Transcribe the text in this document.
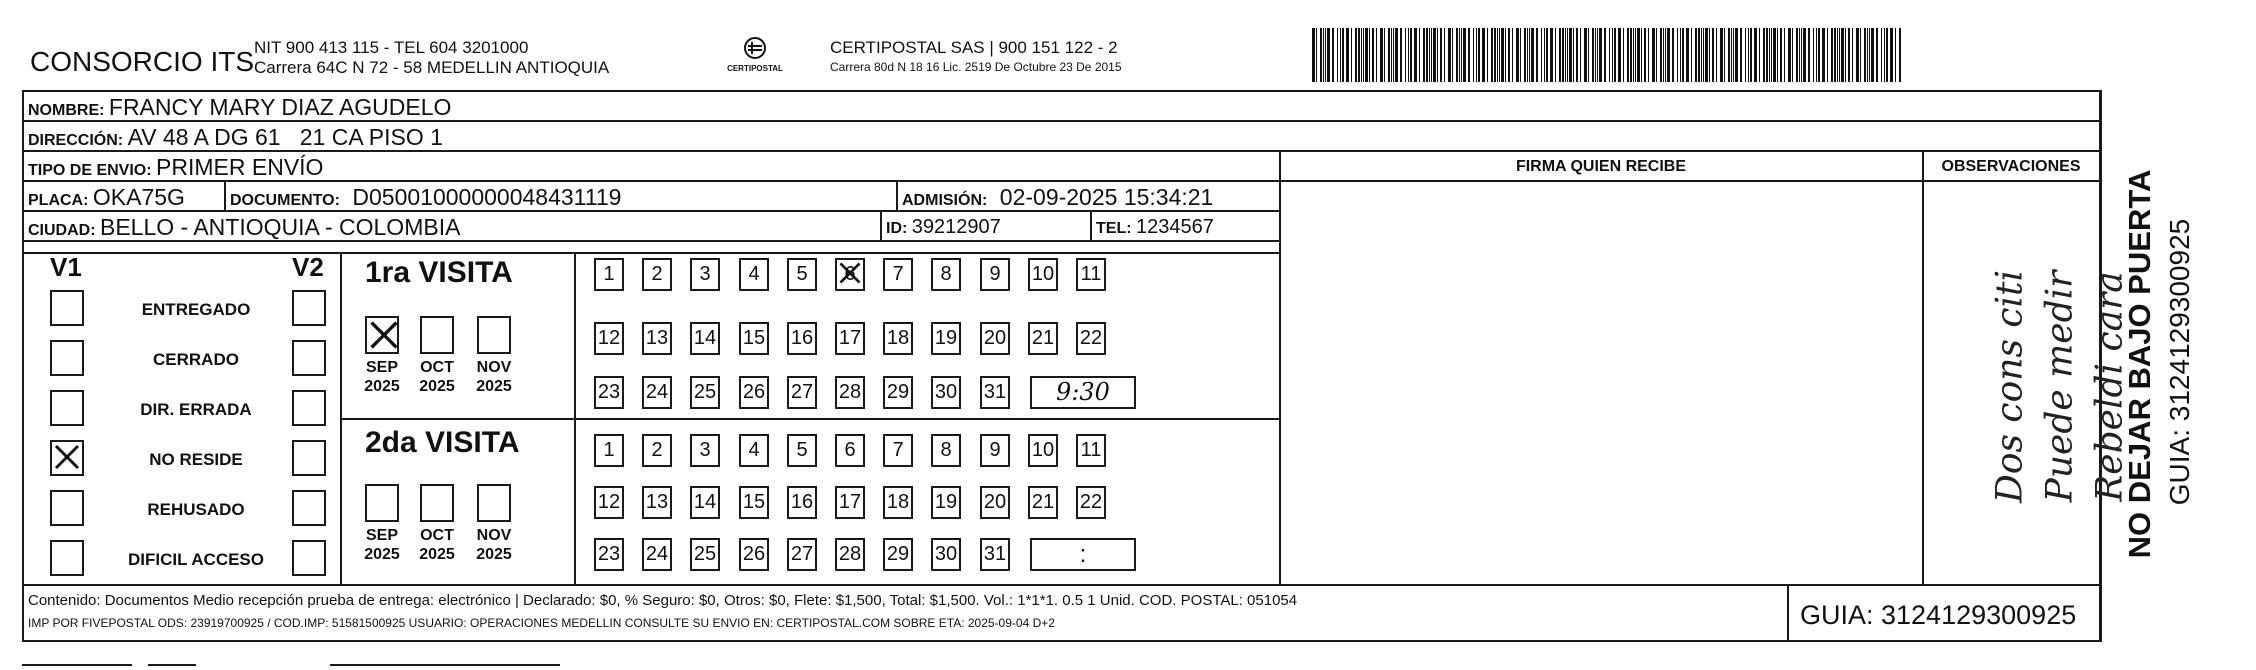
CONSORCIO ITS NIT 900 413 115 - TEL 604 3201000
Carrera 64C N 72 - 58 MEDELLIN ANTIOQUIA	CERTIPOSTAL
CERTIPOSTAL SAS | 900 151 122 - 2
Carrera 80d N 18 16 Lic. 2519 De Octubre 23 De 2015
NOMBRE: FRANCY MARY DIAZ AGUDELO
DIRECCIÓN: AV 48 A DG 61   21 CA PISO 1
TIPO DE ENVIO: PRIMER ENVÍO
PLACA: OKA75G	DOCUMENTO: D05001000000048431119	ADMISIÓN: 02-09-2025 15:34:21
CIUDAD: BELLO - ANTIOQUIA - COLOMBIA	ID: 39212907	TEL: 1234567
FIRMA QUIEN RECIBE	OBSERVACIONES
V1	V2
ENTREGADO
CERRADO
DIR. ERRADA
NO RESIDE
REHUSADO
DIFICIL ACCESO
1ra VISITA
2da VISITA
SEP
2025
OCT
2025
NOV
2025
SEP
2025
OCT
2025
NOV
2025
1	2	3	4	5	6	7	8	9	10 11
12 13 14 15 16 17 18 19 20 21 22
23 24 25 26 27 28 29 30 31	9:30
1	2	3	4	5	6	7	8	9	10 11
12 13 14 15 16 17 18 19 20 21 22
23 24 25 26 27 28 29 30 31	:
Dos cons citi Puede medir Rebeldi cara
NO DEJAR BAJO PUERTA GUIA: 3124129300925
Contenido: Documentos Medio recepción prueba de entrega: electrónico | Declarado: $0, % Seguro: $0, Otros: $0, Flete: $1,500, Total: $1,500. Vol.: 1*1*1. 0.5 1 Unid. COD. POSTAL: 051054
IMP POR FIVEPOSTAL ODS: 23919700925 / COD.IMP: 51581500925 USUARIO: OPERACIONES MEDELLIN CONSULTE SU ENVIO EN: CERTIPOSTAL.COM SOBRE ETA: 2025-09-04 D+2	GUIA: 3124129300925
